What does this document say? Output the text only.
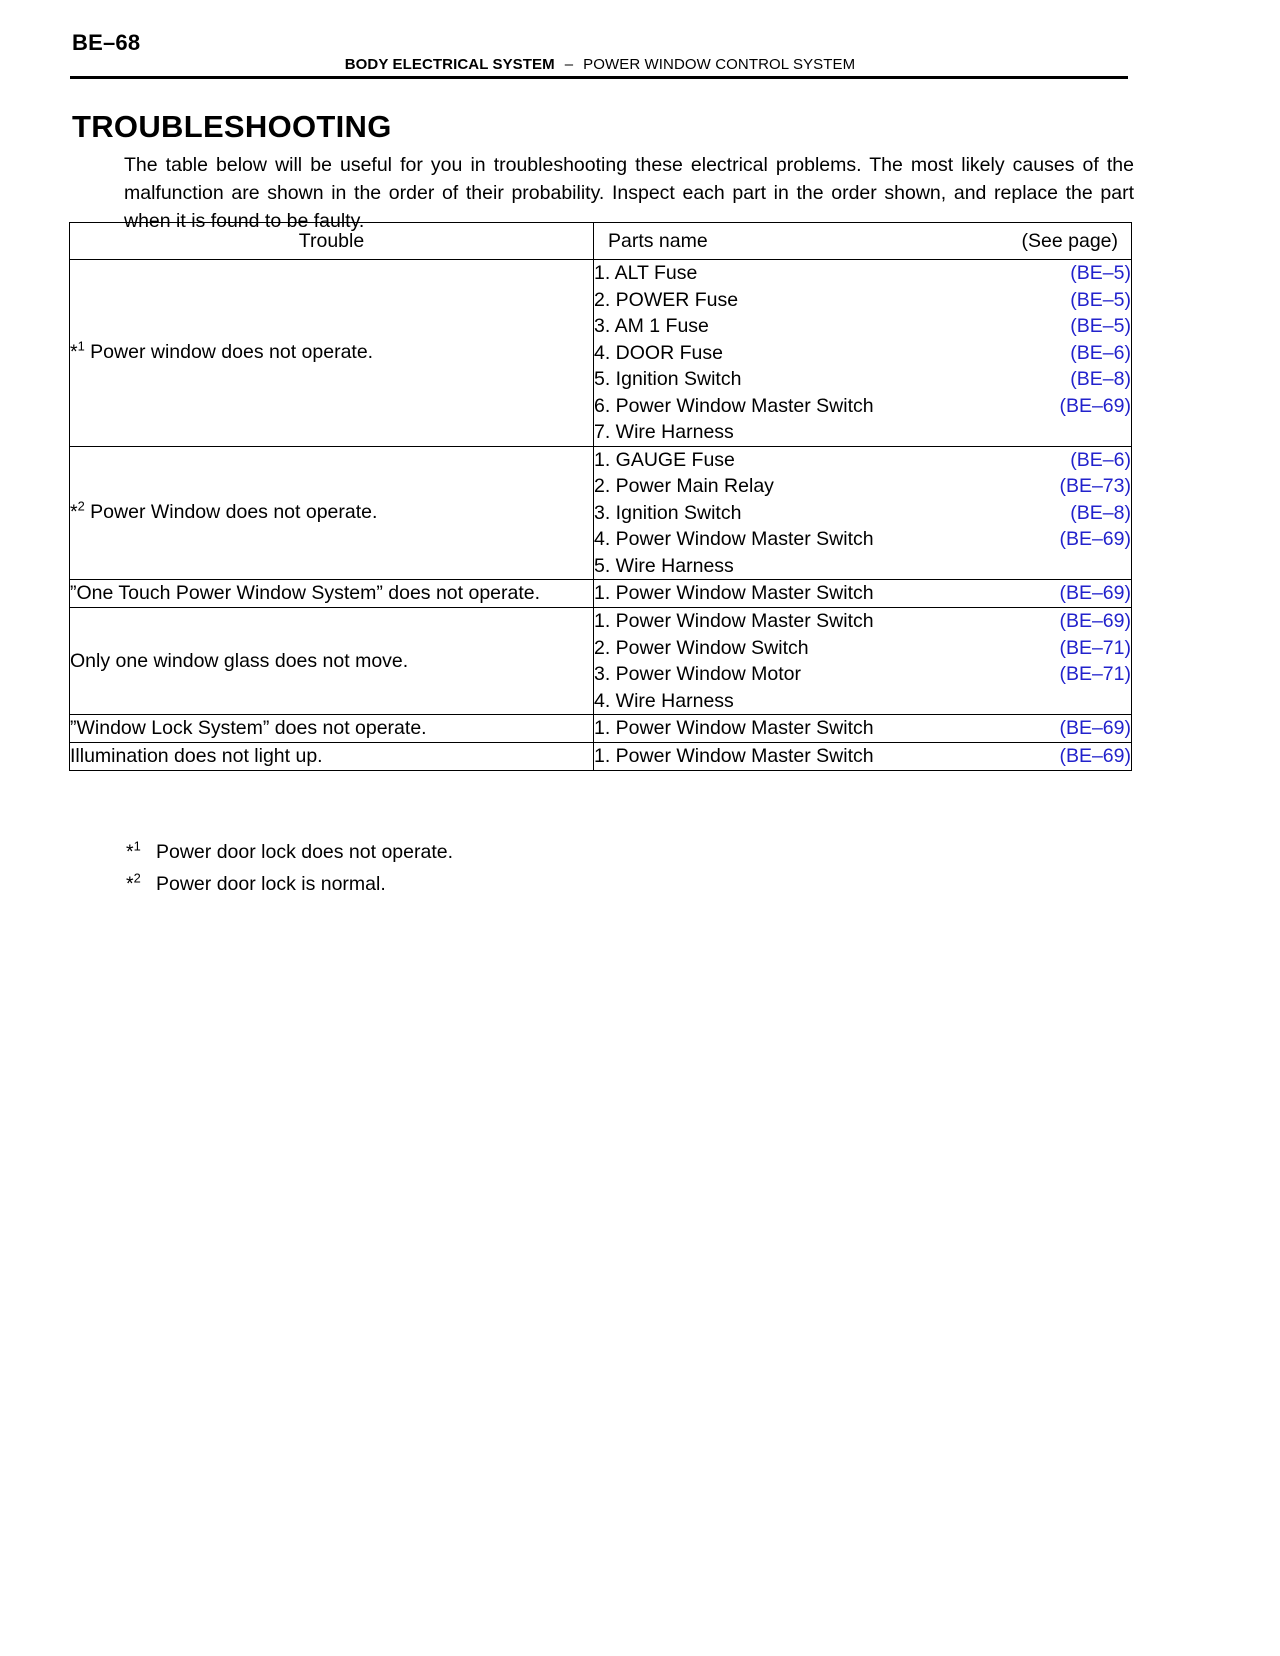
BE–68
BODY ELECTRICAL SYSTEM – POWER WINDOW CONTROL SYSTEM
TROUBLESHOOTING

The table below will be useful for you in troubleshooting these electrical problems. The most likely causes of the malfunction are shown in the order of their probability. Inspect each part in the order shown, and replace the part when it is found to be faulty.

Trouble	Parts name (See page)

*$^1$ Power window does not operate.	
1. ALT Fuse	(BE–5)
2. POWER Fuse	(BE–5)
3. AM 1 Fuse	(BE–5)
4. DOOR Fuse	(BE–6)
5. Ignition Switch	(BE–8)
6. Power Window Master Switch	(BE–69)
7. Wire Harness

*$^2$ Power Window does not operate.	
1. GAUGE Fuse	(BE–6)
2. Power Main Relay	(BE–73)
3. Ignition Switch	(BE–8)
4. Power Window Master Switch	(BE–69)
5. Wire Harness

”One Touch Power Window System” does not operate.	1. Power Window Master Switch (BE–69)

Only one window glass does not move.	
1. Power Window Master Switch	(BE–69)
2. Power Window Switch	(BE–71)
3. Power Window Motor	(BE–71)
4. Wire Harness

”Window Lock System” does not operate.	1. Power Window Master Switch (BE–69)

Illumination does not light up.	1. Power Window Master Switch (BE–69)
*$^1$ Power door lock does not operate.
*$^2$ Power door lock is normal.
